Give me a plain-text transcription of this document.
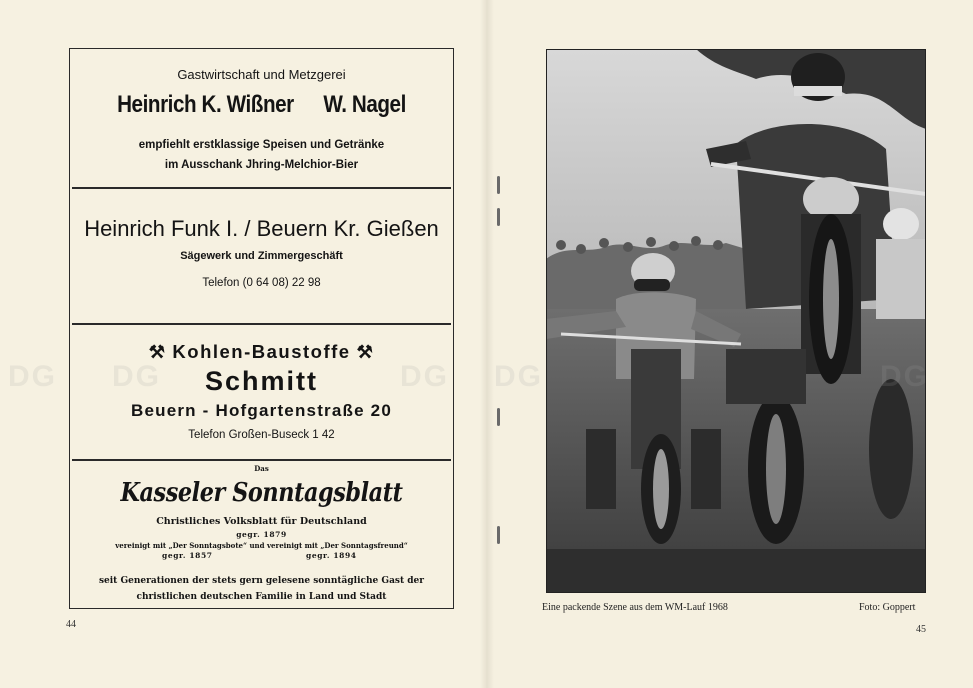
Gastwirtschaft und Metzgerei
Heinrich K. Wißner W. Nagel
empfiehlt erstklassige Speisen und Getränke
im Ausschank Jhring-Melchior-Bier
Heinrich Funk I. / Beuern Kr. Gießen
Sägewerk und Zimmergeschäft
Telefon (0 64 08) 22 98
⚒ Kohlen-Baustoffe ⚒
Schmitt
Beuern - Hofgartenstraße 20
Telefon Großen-Buseck 1 42
Das
Kasseler Sonntagsblatt
Christliches Volksblatt für Deutschland
gegr. 1879
vereinigt mit „Der Sonntagsbote“ und vereinigt mit „Der Sonntagsfreund“
gegr. 1857	gegr. 1894
seit Generationen der stets gern gelesene sonntägliche Gast der
christlichen deutschen Familie in Land und Stadt
44
Eine packende Szene aus dem WM-Lauf 1968	Foto: Goppert
45
